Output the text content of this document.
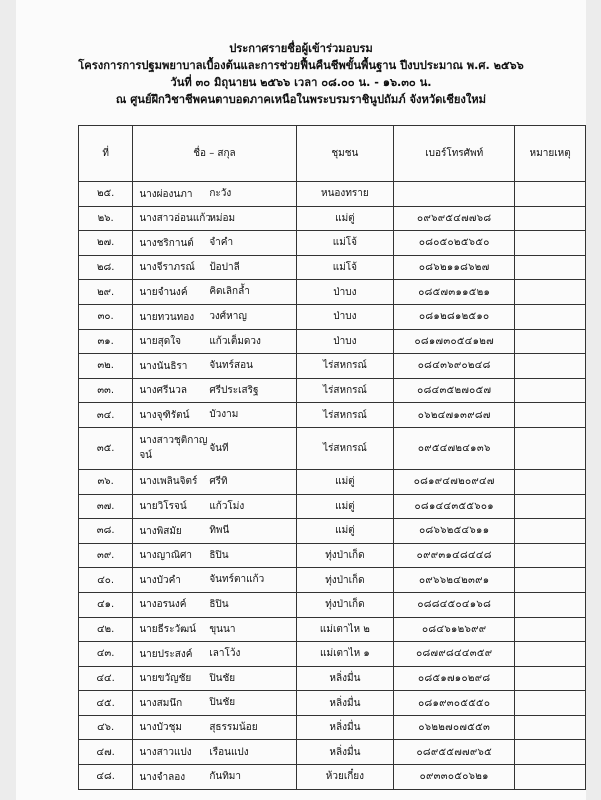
ประกาศรายชื่อผู้เข้าร่วมอบรม
โครงการการปฐมพยาบาลเบื้องต้นและการช่วยฟื้นคืนชีพขั้นพื้นฐาน ปีงบประมาณ พ.ศ. ๒๕๖๖
วันที่ ๓๐ มิถุนายน ๒๕๖๖ เวลา ๐๘.๐๐ น. - ๑๖.๓๐ น.
ณ ศูนย์ฝึกวิชาชีพคนตาบอดภาคเหนือในพระบรมราชินูปถัมภ์ จังหวัดเชียงใหม่
ที่	ชื่อ – สกุล	ชุมชน	เบอร์โทรศัพท์	หมายเหตุ
๒๕.	นางผ่องนภา กะวัง	หนองทราย		
๒๖.	นางสาวอ่อนแก้วหม่อม	แม่ตู่	๐๙๖๙๕๔๗๗๖๘	
๒๗.	นางชริกานต์ จำคำ	แม่โจ้	๐๘๐๕๐๒๕๖๕๐	
๒๘.	นางจีราภรณ์ ป้อปาลี	แม่โจ้	๐๘๖๒๑๑๘๖๒๗	
๒๙.	นายจำนงค์ คิดเลิกล้ำ	ป่าบง	๐๘๕๗๓๑๑๕๒๑	
๓๐.	นายทวนทอง วงศ์หาญ	ป่าบง	๐๘๑๒๘๑๒๕๑๐	
๓๑.	นายสุดใจ แก้วเต็มดวง	ป่าบง	๐๘๑๗๓๐๕๔๑๒๗	
๓๒.	นางนันธิรา จันทร์สอน	ไร่สหกรณ์	๐๘๔๓๖๙๐๒๔๘	
๓๓.	นางศรีนวล ศรีประเสริฐ	ไร่สหกรณ์	๐๘๔๓๕๒๗๐๕๗	
๓๔.	นางจุฑิรัตน์ บัวงาม	ไร่สหกรณ์	๐๖๒๔๗๑๓๙๘๗	
๓๕.	นางสาวชุติกาญจน์จันที	ไร่สหกรณ์	๐๙๕๔๗๒๔๑๓๖	
๓๖.	นางเพลินจิตร์ ศรีทิ	แม่ตู่	๐๘๑๙๔๗๒๐๙๔๗	
๓๗.	นายวิโรจน์ แก้วโม่ง	แม่ตู่	๐๘๑๔๔๓๕๕๖๐๑	
๓๘.	นางพิสมัย ทิพนี	แม่ตู่	๐๘๖๖๒๕๔๖๑๑	
๓๙.	นางญาณิศา ธิปิน	ทุ่งป่าเก็ด	๐๙๙๓๑๔๘๔๔๘	
๔๐.	นางบัวคำ จันทร์ตาแก้ว	ทุ่งป่าเก็ด	๐๙๖๖๒๔๒๓๙๑	
๔๑.	นางอรนงค์ ธิปิน	ทุ่งป่าเก็ด	๐๘๘๔๕๐๔๑๖๘	
๔๒.	นายธีระวัฒน์ ขุนนา	แม่เตาไห ๒	๐๘๔๖๑๒๖๙๙	
๔๓.	นายประสงค์ เลาโว้ง	แม่เตาไห ๑	๐๘๗๙๘๔๔๓๕๙	
๔๔.	นายขวัญชัย ปินชัย	หลิ่งมื่น	๐๘๕๑๗๑๐๒๙๘	
๔๕.	นางสมนึก ปินชัย	หลิ่งมื่น	๐๘๑๙๓๐๕๕๕๐	
๔๖.	นางบัวชุม สุธรรมน้อย	หลิ่งมื่น	๐๖๒๒๗๐๗๕๕๓	
๔๗.	นางสาวแปง เรือนแปง	หลิ่งมื่น	๐๘๙๕๕๗๗๙๖๕	
๔๘.	นางจำลอง กันทิมา	ห้วยเกี๋ยง	๐๙๓๓๐๕๐๖๒๑	
